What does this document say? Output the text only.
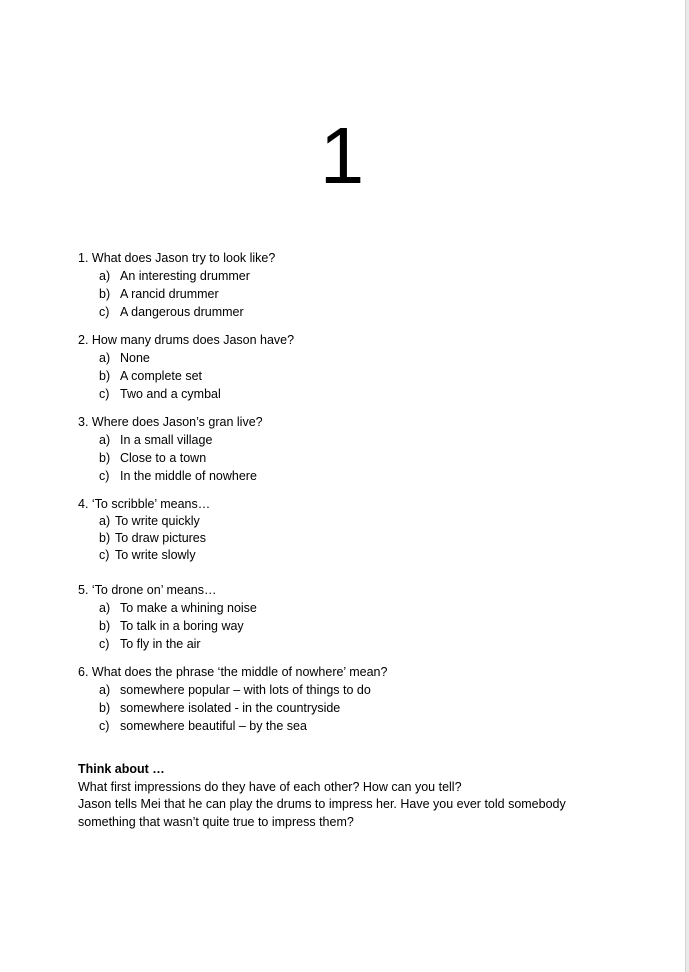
1
1. What does Jason try to look like?
a) An interesting drummer
b) A rancid drummer
c) A dangerous drummer
2. How many drums does Jason have?
a) None
b) A complete set
c) Two and a cymbal
3. Where does Jason’s gran live?
a) In a small village
b) Close to a town
c) In the middle of nowhere
4. ‘To scribble’ means…
a) To write quickly
b) To draw pictures
c) To write slowly
5. ‘To drone on’ means…
a) To make a whining noise
b) To talk in a boring way
c) To fly in the air
6. What does the phrase ‘the middle of nowhere’ mean?
a) somewhere popular – with lots of things to do
b) somewhere isolated - in the countryside
c) somewhere beautiful – by the sea
Think about …

What first impressions do they have of each other? How can you tell?

Jason tells Mei that he can play the drums to impress her. Have you ever told somebody something that wasn’t quite true to impress them?
